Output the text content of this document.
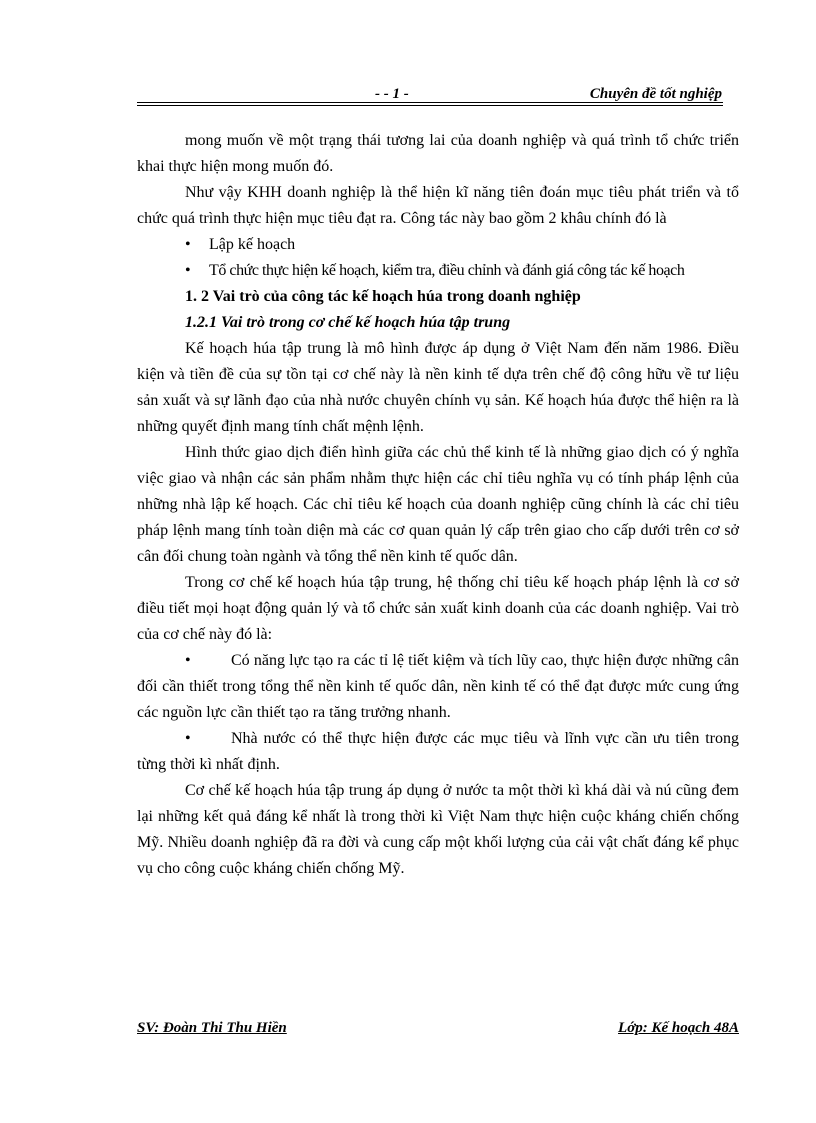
- - 1 -	Chuyên đề tốt nghiệp

mong muốn về một trạng thái tương lai của doanh nghiệp và quá trình tổ chức triển khai thực hiện mong muốn đó.

Như vậy KHH doanh nghiệp là thể hiện kĩ năng tiên đoán mục tiêu phát triển và tổ chức quá trình thực hiện mục tiêu đạt ra. Công tác này bao gồm 2 khâu chính đó là

• Lập kế hoạch

• Tổ chức thực hiện kế hoạch, kiểm tra, điều chỉnh và đánh giá công tác kế hoạch

1. 2 Vai trò của công tác kế hoạch húa trong doanh nghiệp

1.2.1 Vai trò trong cơ chế kế hoạch húa tập trung

Kế hoạch húa tập trung là mô hình được áp dụng ở Việt Nam đến năm 1986. Điều kiện và tiền đề của sự tồn tại cơ chế này là nền kinh tế dựa trên chế độ công hữu về tư liệu sản xuất và sự lãnh đạo của nhà nước chuyên chính vụ sản. Kế hoạch húa được thể hiện ra là những quyết định mang tính chất mệnh lệnh.

Hình thức giao dịch điển hình giữa các chủ thể kinh tế là những giao dịch có ý nghĩa việc giao và nhận các sản phẩm nhằm thực hiện các chỉ tiêu nghĩa vụ có tính pháp lệnh của những nhà lập kế hoạch. Các chỉ tiêu kế hoạch của doanh nghiệp cũng chính là các chỉ tiêu pháp lệnh mang tính toàn diện mà các cơ quan quản lý cấp trên giao cho cấp dưới trên cơ sở cân đối chung toàn ngành và tổng thể nền kinh tế quốc dân.

Trong cơ chế kế hoạch húa tập trung, hệ thống chỉ tiêu kế hoạch pháp lệnh là cơ sở điều tiết mọi hoạt động quản lý và tổ chức sản xuất kinh doanh của các doanh nghiệp. Vai trò của cơ chế này đó là:

•	Có năng lực tạo ra các tỉ lệ tiết kiệm và tích lũy cao, thực hiện được những cân đối cần thiết trong tổng thể nền kinh tế quốc dân, nền kinh tế có thể đạt được mức cung ứng các nguồn lực cần thiết tạo ra tăng trưởng nhanh.

•	Nhà nước có thể thực hiện được các mục tiêu và lĩnh vực cần ưu tiên trong từng thời kì nhất định.

Cơ chế kế hoạch húa tập trung áp dụng ở nước ta một thời kì khá dài và nú cũng đem lại những kết quả đáng kể nhất là trong thời kì Việt Nam thực hiện cuộc kháng chiến chống Mỹ. Nhiều doanh nghiệp đã ra đời và cung cấp một khối lượng của cải vật chất đáng kể phục vụ cho công cuộc kháng chiến chống Mỹ.

SV: Đoàn Thi Thu Hiền	Lớp: Kế hoạch 48A
